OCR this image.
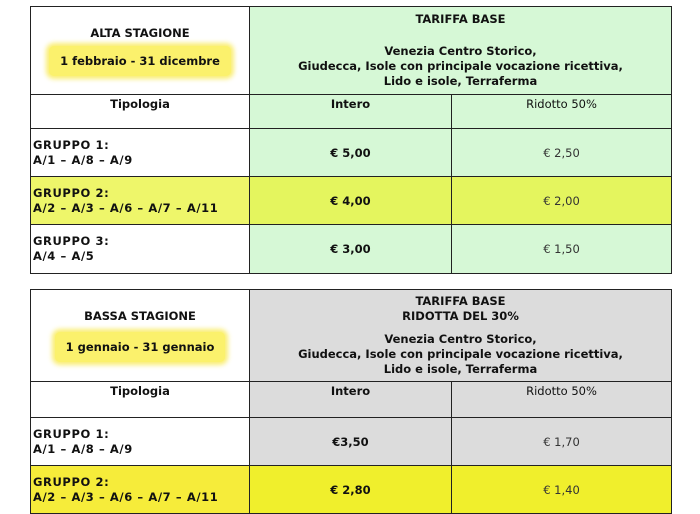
ALTA STAGIONE
1 febbraio - 31 dicembre	TARIFFA BASE
Venezia Centro Storico,
Giudecca, Isole con principale vocazione ricettiva,
Lido e isole, Terraferma	

Tipologia	Intero	Ridotto 50%

GRUPPO 1:
A/1 – A/8 – A/9	€ 5,00	€ 2,50

GRUPPO 2:
A/2 – A/3 – A/6 – A/7 – A/11	€ 4,00	€ 2,00

GRUPPO 3:
A/4 – A/5	€ 3,00	€ 1,50
BASSA STAGIONE
1 gennaio - 31 gennaio	TARIFFA BASE
RIDOTTA DEL 30%
Venezia Centro Storico,
Giudecca, Isole con principale vocazione ricettiva,
Lido e isole, Terraferma	

Tipologia	Intero	Ridotto 50%

GRUPPO 1:
A/1 – A/8 – A/9	€3,50	€ 1,70

GRUPPO 2:
A/2 – A/3 – A/6 – A/7 – A/11	€ 2,80	€ 1,40
